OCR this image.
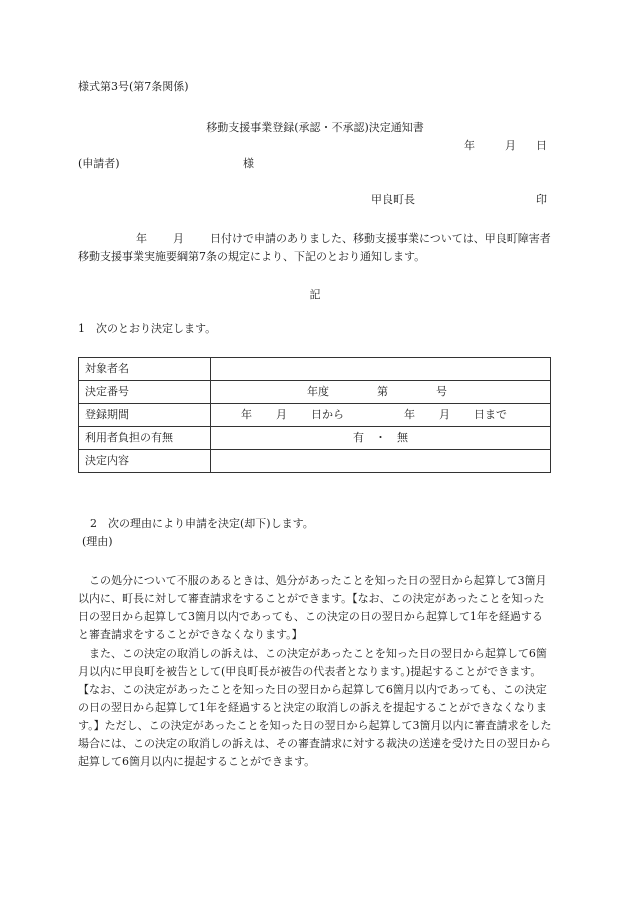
様式第3号(第7条関係)
移動支援事業登録(承認・不承認)決定通知書
年	月 日
(申請者)	様
甲良町長	印
年 月 日付けで申請のありました、移動支援事業については、甲良町障害者移動支援事業実施要綱第7条の規定により、下記のとおり通知します。
記
1　次のとおり決定します。
対象者名	
決定番号	年度 第 号
登録期間	年 月 日から 年 月 日まで
利用者負担の有無	有　・　無
決定内容	
2　次の理由により申請を決定(却下)します。
(理由)
この処分について不服のあるときは、処分があったことを知った日の翌日から起算して3箇月以内に、町長に対して審査請求をすることができます。【なお、この決定があったことを知った日の翌日から起算して3箇月以内であっても、この決定の日の翌日から起算して1年を経過すると審査請求をすることができなくなります。】
また、この決定の取消しの訴えは、この決定があったことを知った日の翌日から起算して6箇月以内に甲良町を被告として(甲良町長が被告の代表者となります。)提起することができます。【なお、この決定があったことを知った日の翌日から起算して6箇月以内であっても、この決定の日の翌日から起算して1年を経過すると決定の取消しの訴えを提起することができなくなります。】ただし、この決定があったことを知った日の翌日から起算して3箇月以内に審査請求をした場合には、この決定の取消しの訴えは、その審査請求に対する裁決の送達を受けた日の翌日から起算して6箇月以内に提起することができます。
